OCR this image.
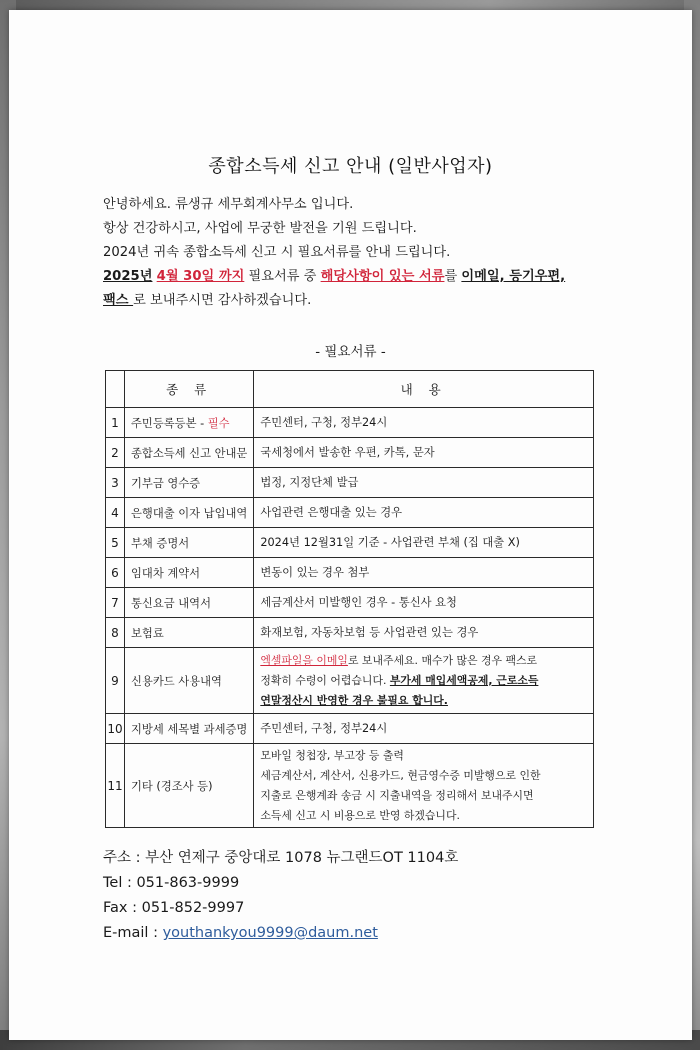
종합소득세 신고 안내 (일반사업자)
안녕하세요. 류생규 세무회계사무소 입니다.
항상 건강하시고, 사업에 무궁한 발전을 기원 드립니다.
2024년 귀속 종합소득세 신고 시 필요서류를 안내 드립니다.
2025년 4월 30일 까지 필요서류 중 해당사항이 있는 서류를 이메일, 등기우편,
팩스 로 보내주시면 감사하겠습니다.
- 필요서류 -
	종 류	내 용
1	주민등록등본 - 필수	주민센터, 구청, 정부24시
2	종합소득세 신고 안내문	국세청에서 발송한 우편, 카톡, 문자
3	기부금 영수증	법정, 지정단체 발급
4	은행대출 이자 납입내역	사업관련 은행대출 있는 경우
5	부채 증명서	2024년 12월31일 기준 - 사업관련 부채 (집 대출 X)
6	임대차 계약서	변동이 있는 경우 첨부
7	통신요금 내역서	세금계산서 미발행인 경우 - 통신사 요청
8	보험료	화재보험, 자동차보험 등 사업관련 있는 경우
9	신용카드 사용내역	엑셀파일을 이메일로 보내주세요. 매수가 많은 경우 팩스로
정확히 수령이 어렵습니다. 부가세 매입세액공제, 근로소득
연말정산시 반영한 경우 불필요 합니다.
10	지방세 세목별 과세증명	주민센터, 구청, 정부24시
11	기타 (경조사 등)	모바일 청첩장, 부고장 등 출력
세금계산서, 계산서, 신용카드, 현금영수증 미발행으로 인한
지출로 은행계좌 송금 시 지출내역을 정리해서 보내주시면
소득세 신고 시 비용으로 반영 하겠습니다.
주소 : 부산 연제구 중앙대로 1078 뉴그랜드OT 1104호
Tel : 051-863-9999
Fax : 051-852-9997
E-mail : youthankyou9999@daum.net
